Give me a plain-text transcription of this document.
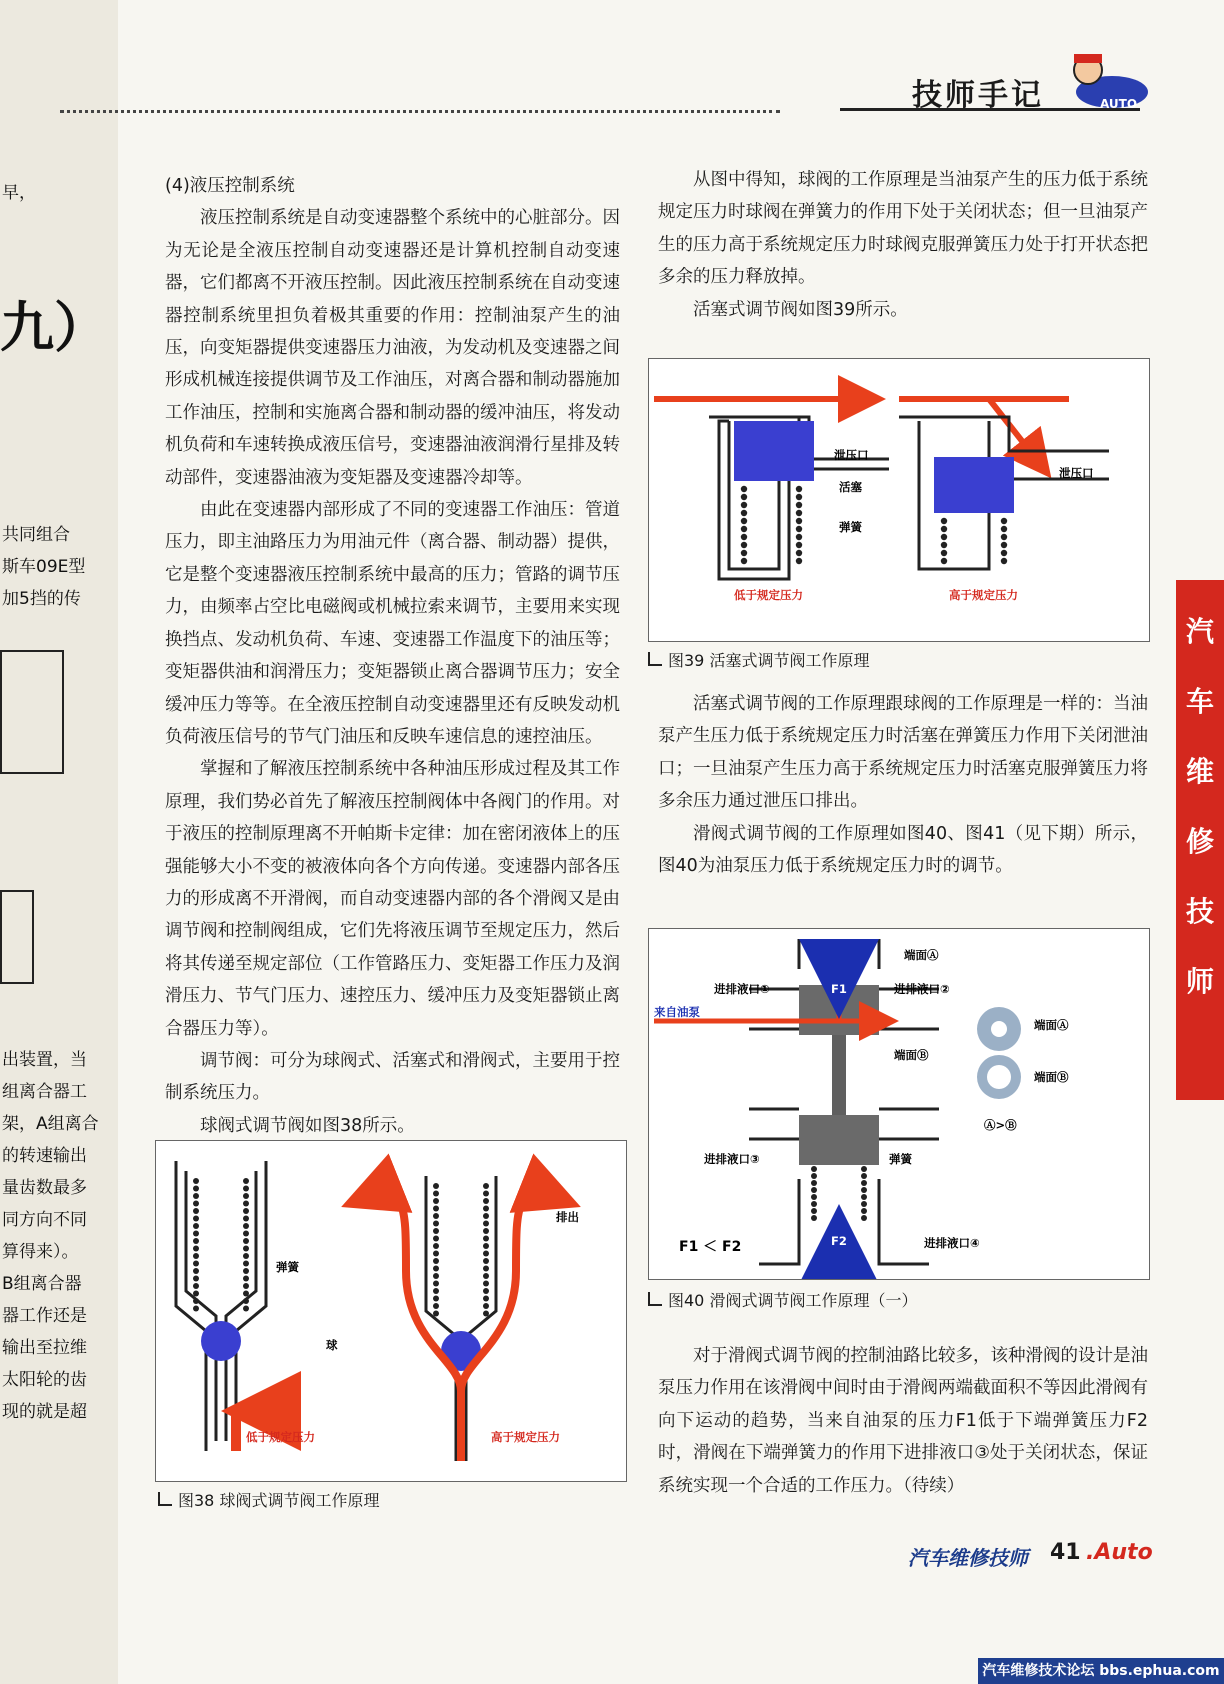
早，
九）
共同组合
斯车09E型
加5挡的传
出装置，当
组离合器工
架，A组离合
的转速输出
量齿数最多
同方向不同
算得来）。
B组离合器
器工作还是
输出至拉维
太阳轮的齿
现的就是超
技师手记	AUTO
汽
车
维
修
技
师

(4)液压控制系统

液压控制系统是自动变速器整个系统中的心脏部分。因为无论是全液压控制自动变速器还是计算机控制自动变速器，它们都离不开液压控制。因此液压控制系统在自动变速器控制系统里担负着极其重要的作用：控制油泵产生的油压，向变矩器提供变速器压力油液，为发动机及变速器之间形成机械连接提供调节及工作油压，对离合器和制动器施加工作油压，控制和实施离合器和制动器的缓冲油压，将发动机负荷和车速转换成液压信号，变速器油液润滑行星排及转动部件，变速器油液为变矩器及变速器冷却等。

由此在变速器内部形成了不同的变速器工作油压：管道压力，即主油路压力为用油元件（离合器、制动器）提供，它是整个变速器液压控制系统中最高的压力；管路的调节压力，由频率占空比电磁阀或机械拉索来调节，主要用来实现换挡点、发动机负荷、车速、变速器工作温度下的油压等；变矩器供油和润滑压力；变矩器锁止离合器调节压力；安全缓冲压力等等。在全液压控制自动变速器里还有反映发动机负荷液压信号的节气门油压和反映车速信息的速控油压。

掌握和了解液压控制系统中各种油压形成过程及其工作原理，我们势必首先了解液压控制阀体中各阀门的作用。对于液压的控制原理离不开帕斯卡定律：加在密闭液体上的压强能够大小不变的被液体向各个方向传递。变速器内部各压力的形成离不开滑阀，而自动变速器内部的各个滑阀又是由调节阀和控制阀组成，它们先将液压调节至规定压力，然后将其传递至规定部位（工作管路压力、变矩器工作压力及润滑压力、节气门压力、速控压力、缓冲压力及变矩器锁止离合器压力等）。

调节阀：可分为球阀式、活塞式和滑阀式，主要用于控制系统压力。

球阀式调节阀如图38所示。

从图中得知，球阀的工作原理是当油泵产生的压力低于系统规定压力时球阀在弹簧力的作用下处于关闭状态；但一旦油泵产生的压力高于系统规定压力时球阀克服弹簧压力处于打开状态把多余的压力释放掉。

活塞式调节阀如图39所示。

泄压口
活塞
弹簧
泄压口
低于规定压力	高于规定压力
图39 活塞式调节阀工作原理

活塞式调节阀的工作原理跟球阀的工作原理是一样的：当油泵产生压力低于系统规定压力时活塞在弹簧压力作用下关闭泄油口；一旦油泵产生压力高于系统规定压力时活塞克服弹簧压力将多余压力通过泄压口排出。

滑阀式调节阀的工作原理如图40、图41（见下期）所示，图40为油泵压力低于系统规定压力时的调节。

F1
F2
端面Ⓐ
进排液口①	进排液口②
来自油泵
端面Ⓑ
进排液口③	弹簧
进排液口④
F1 ＜ F2
端面Ⓐ
端面Ⓑ
Ⓐ>Ⓑ
图40 滑阀式调节阀工作原理（一）

对于滑阀式调节阀的控制油路比较多，该种滑阀的设计是油泵压力作用在该滑阀中间时由于滑阀两端截面积不等因此滑阀有向下运动的趋势，当来自油泵的压力F1低于下端弹簧压力F2时，滑阀在下端弹簧力的作用下进排液口③处于关闭状态，保证系统实现一个合适的工作压力。（待续）

弹簧
球
排出
低于规定压力	高于规定压力
图38 球阀式调节阀工作原理
汽车维修技师 41 .Auto
汽车维修技术论坛 bbs.ephua.com
